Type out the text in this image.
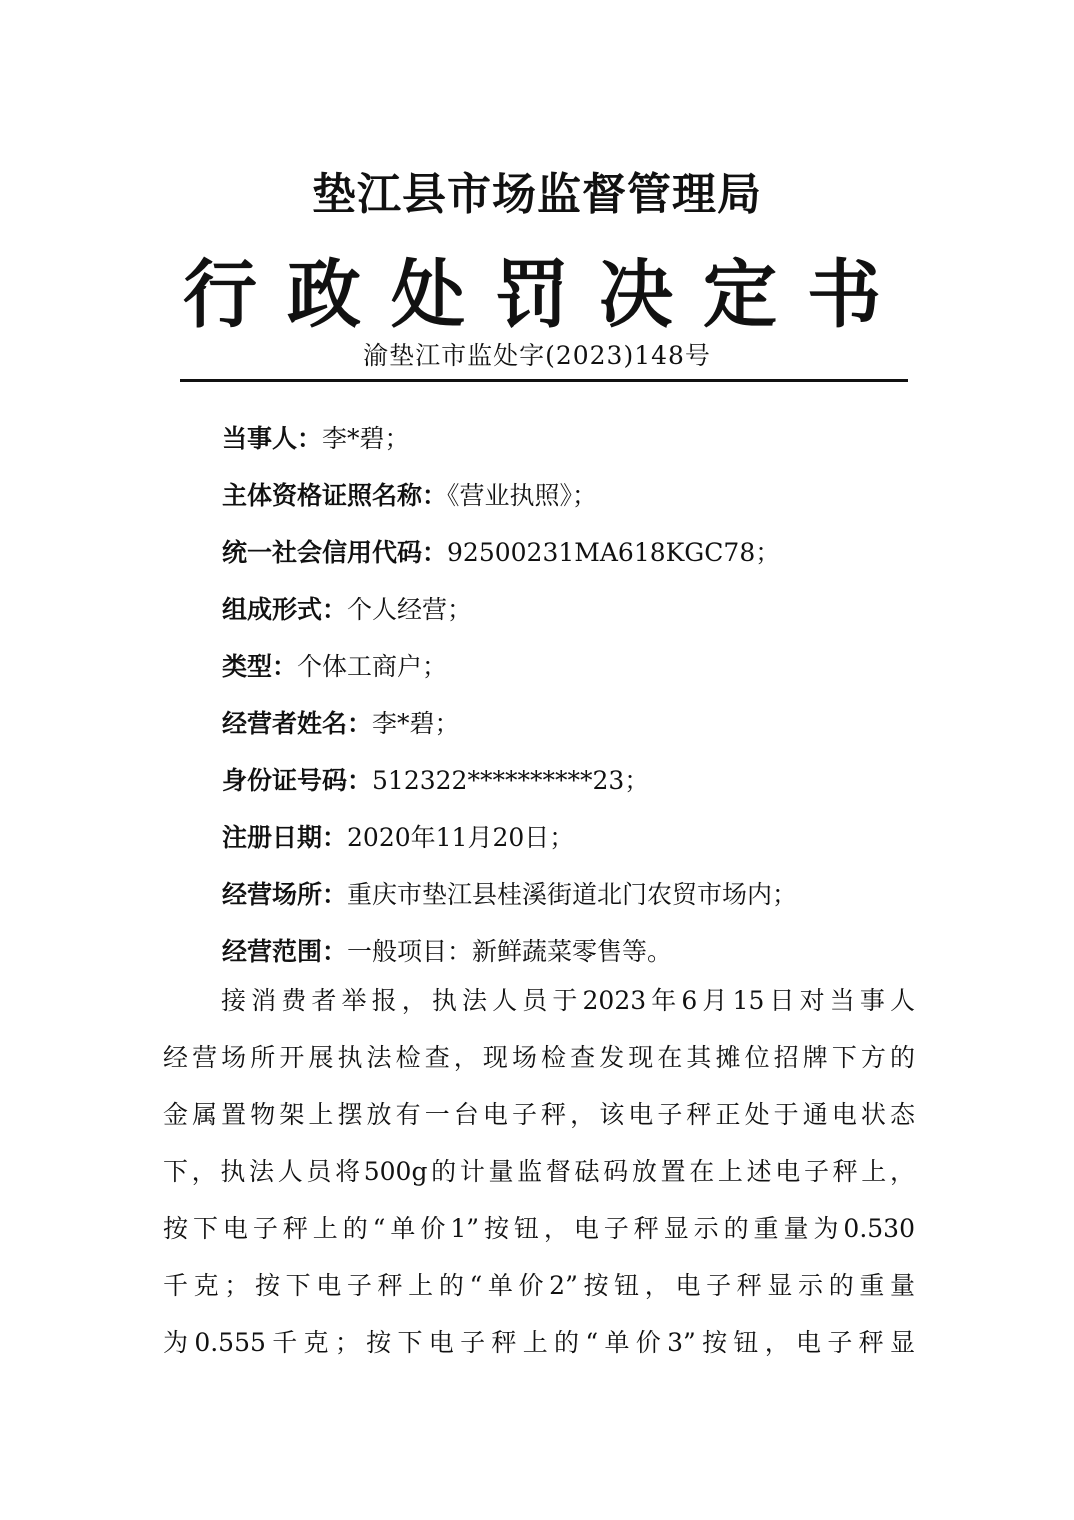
垫江县市场监督管理局
行政处罚决定书
渝垫江市监处字(2023)148号
当事人：李*碧；
主体资格证照名称：《营业执照》；
统一社会信用代码：92500231MA618KGC78；
组成形式：个人经营；
类型：个体工商户；
经营者姓名：李*碧；
身份证号码：512322**********23；
注册日期：2020年11月20日；
经营场所：重庆市垫江县桂溪街道北门农贸市场内；
经营范围：一般项目：新鲜蔬菜零售等。
接消费者举报，执法人员于2023年6月15日对当事人
经营场所开展执法检查，现场检查发现在其摊位招牌下方的
金属置物架上摆放有一台电子秤，该电子秤正处于通电状态
下，执法人员将500g的计量监督砝码放置在上述电子秤上，
按下电子秤上的“单价1”按钮，电子秤显示的重量为0.530
千克；按下电子秤上的“单价2”按钮，电子秤显示的重量
为0.555千克；按下电子秤上的“单价3”按钮，电子秤显
